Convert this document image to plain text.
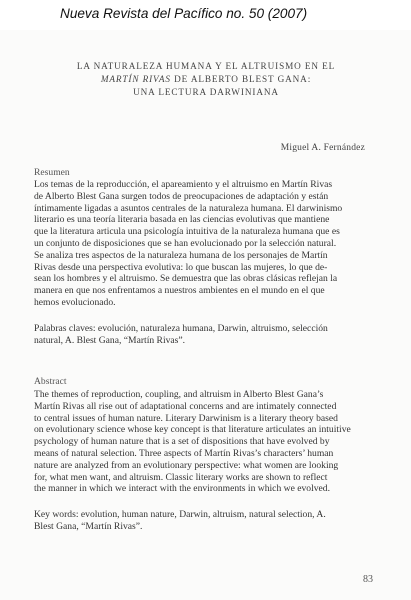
Nueva Revista del Pacífico no. 50 (2007)
LA NATURALEZA HUMANA Y EL ALTRUISMO EN EL
MARTÍN RIVAS DE ALBERTO BLEST GANA:
UNA LECTURA DARWINIANA
Miguel A. Fernández
Resumen
Los temas de la reproducción, el apareamiento y el altruismo en Martín Rivas
de Alberto Blest Gana surgen todos de preocupaciones de adaptación y están
íntimamente ligadas a asuntos centrales de la naturaleza humana. El darwinismo
literario es una teoría literaria basada en las ciencias evolutivas que mantiene
que la literatura articula una psicología intuitiva de la naturaleza humana que es
un conjunto de disposiciones que se han evolucionado por la selección natural.
Se analiza tres aspectos de la naturaleza humana de los personajes de Martín
Rivas desde una perspectiva evolutiva: lo que buscan las mujeres, lo que de-
sean los hombres y el altruismo. Se demuestra que las obras clásicas reflejan la
manera en que nos enfrentamos a nuestros ambientes en el mundo en el que
hemos evolucionado.
Palabras claves: evolución, naturaleza humana, Darwin, altruismo, selección
natural, A. Blest Gana, “Martín Rivas”.
Abstract
The themes of reproduction, coupling, and altruism in Alberto Blest Gana’s
Martín Rivas all rise out of adaptational concerns and are intimately connected
to central issues of human nature. Literary Darwinism is a literary theory based
on evolutionary science whose key concept is that literature articulates an intuitive
psychology of human nature that is a set of dispositions that have evolved by
means of natural selection. Three aspects of Martín Rivas’s characters’ human
nature are analyzed from an evolutionary perspective: what women are looking
for, what men want, and altruism. Classic literary works are shown to reflect
the manner in which we interact with the environments in which we evolved.
Key words: evolution, human nature, Darwin, altruism, natural selection, A.
Blest Gana, “Martín Rivas”.
83
